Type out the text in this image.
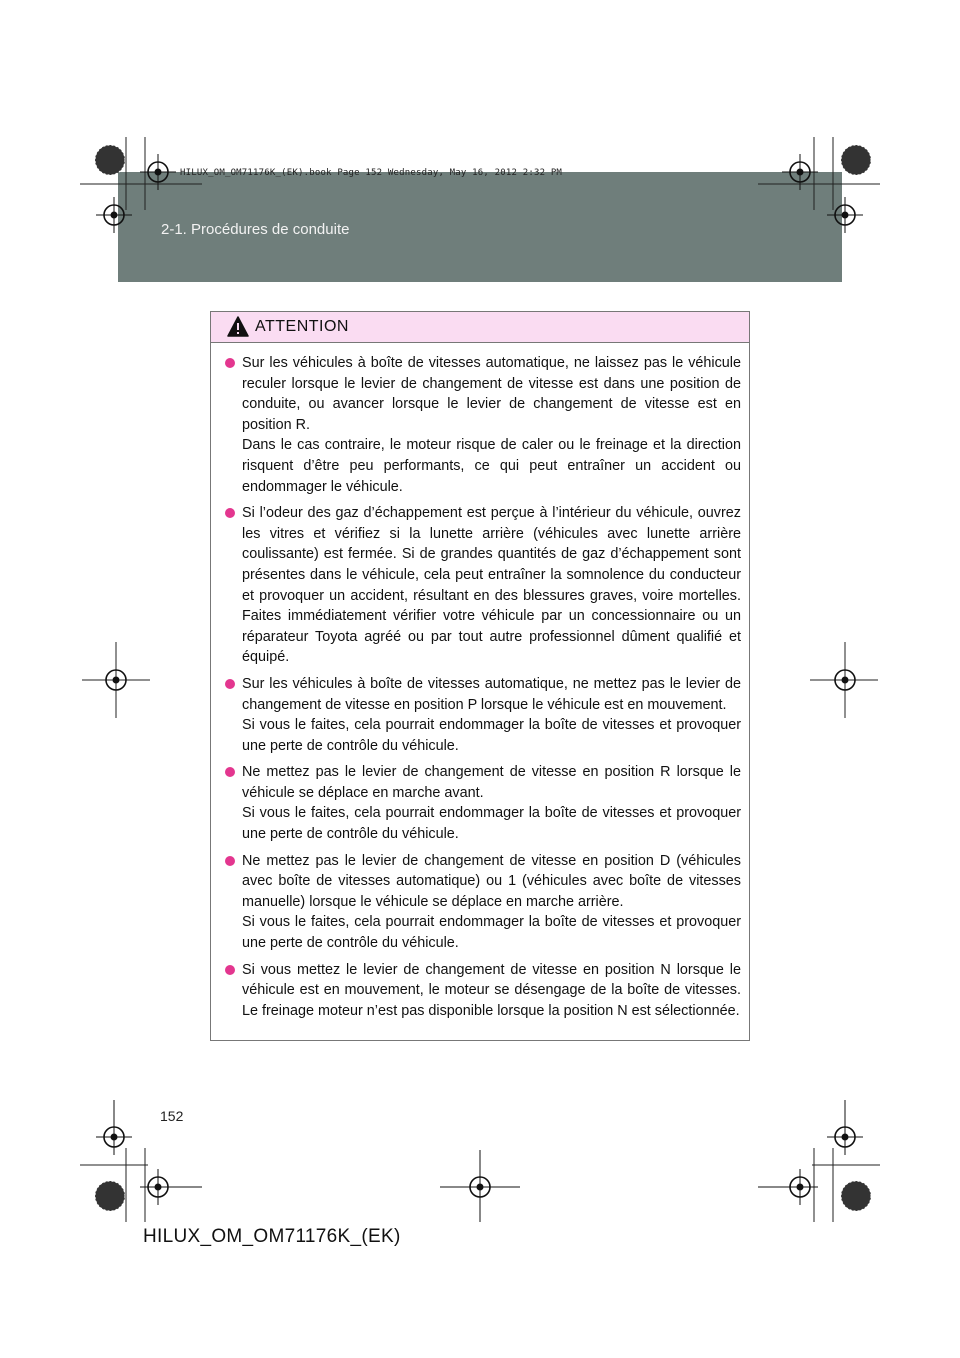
2-1. Procédures de conduite
HILUX_OM_OM71176K_(EK).book Page 152 Wednesday, May 16, 2012 2:32 PM
ATTENTION

Sur les véhicules à boîte de vitesses automatique, ne laissez pas le véhicule reculer lorsque le levier de changement de vitesse est dans une position de conduite, ou avancer lorsque le levier de changement de vitesse est en position R.

Dans le cas contraire, le moteur risque de caler ou le freinage et la direction risquent d’être peu performants, ce qui peut entraîner un accident ou endommager le véhicule.

Si l’odeur des gaz d’échappement est perçue à l’intérieur du véhicule, ouvrez les vitres et vérifiez si la lunette arrière (véhicules avec lunette arrière coulissante) est fermée. Si de grandes quantités de gaz d’échappement sont présentes dans le véhicule, cela peut entraîner la somnolence du conducteur et provoquer un accident, résultant en des blessures graves, voire mortelles. Faites immédiatement vérifier votre véhicule par un concessionnaire ou un réparateur Toyota agréé ou par tout autre professionnel dûment qualifié et équipé.

Sur les véhicules à boîte de vitesses automatique, ne mettez pas le levier de changement de vitesse en position P lorsque le véhicule est en mouvement.

Si vous le faites, cela pourrait endommager la boîte de vitesses et provoquer une perte de contrôle du véhicule.

Ne mettez pas le levier de changement de vitesse en position R lorsque le véhicule se déplace en marche avant.

Si vous le faites, cela pourrait endommager la boîte de vitesses et provoquer une perte de contrôle du véhicule.

Ne mettez pas le levier de changement de vitesse en position D (véhicules avec boîte de vitesses automatique) ou 1 (véhicules avec boîte de vitesses manuelle) lorsque le véhicule se déplace en marche arrière.

Si vous le faites, cela pourrait endommager la boîte de vitesses et provoquer une perte de contrôle du véhicule.

Si vous mettez le levier de changement de vitesse en position N lorsque le véhicule est en mouvement, le moteur se désengage de la boîte de vitesses. Le freinage moteur n’est pas disponible lorsque la position N est sélectionnée.

152
HILUX_OM_OM71176K_(EK)
